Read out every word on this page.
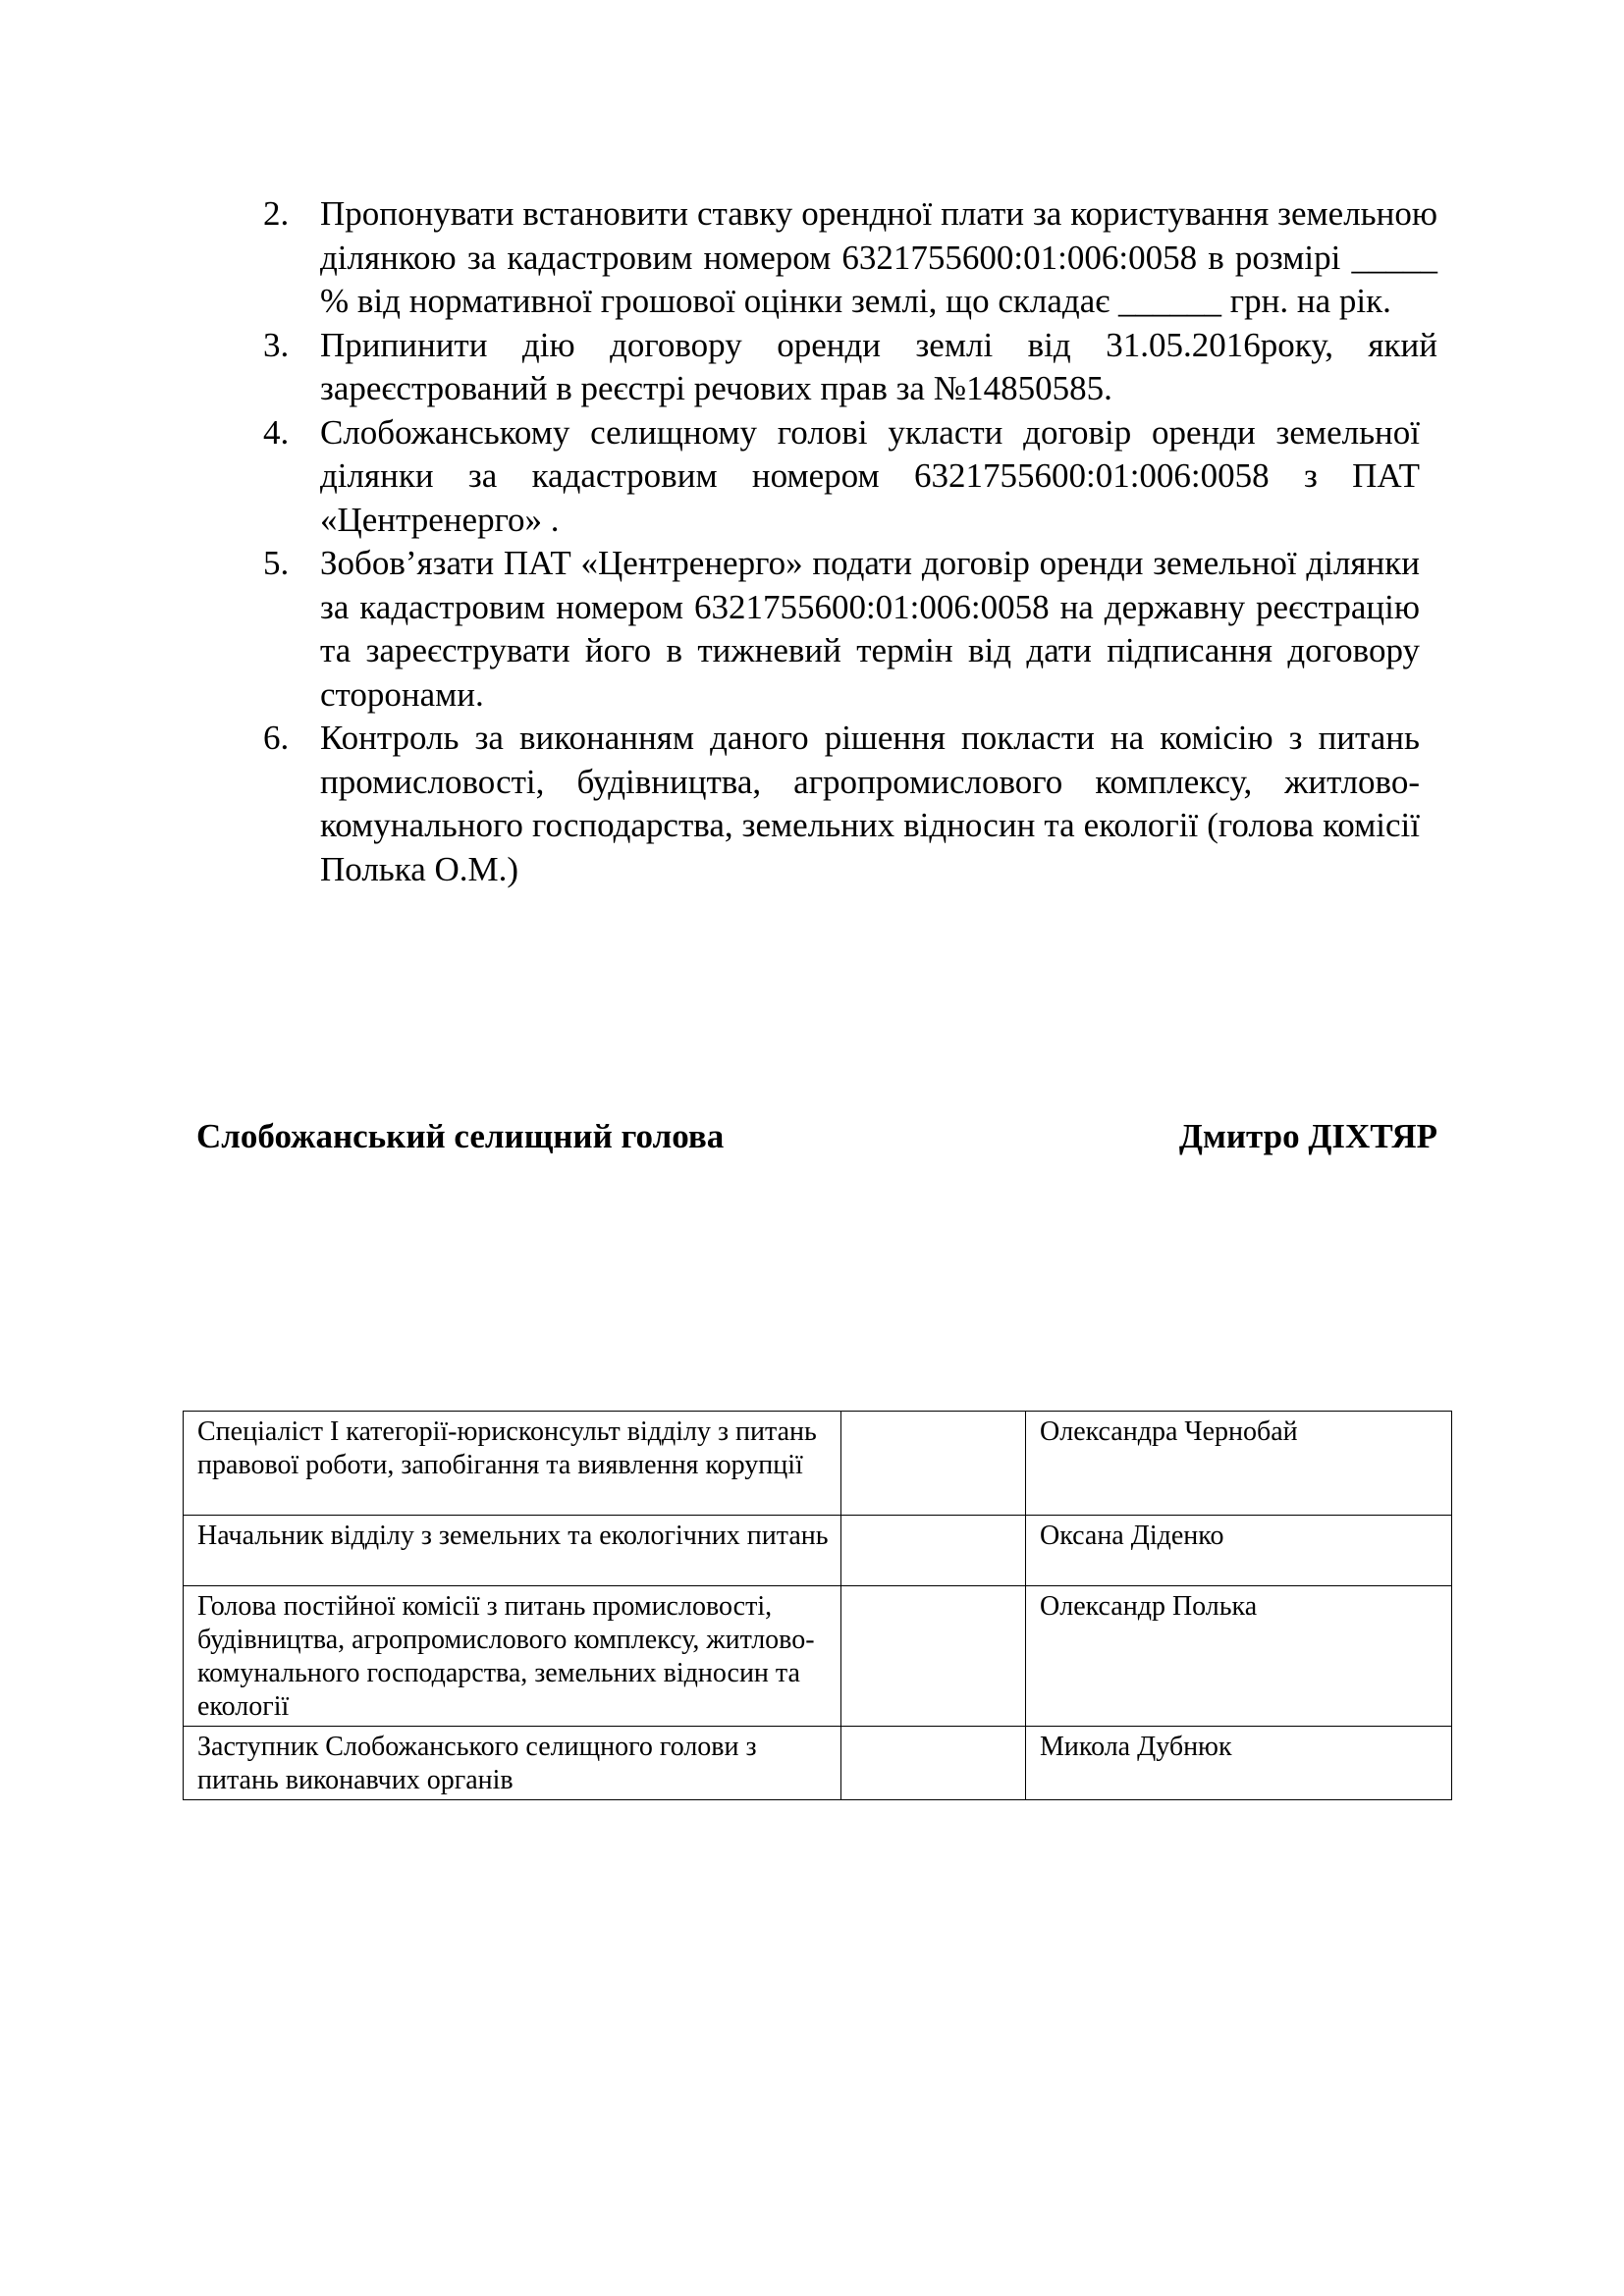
2. Пропонувати встановити ставку орендної плати за користування земельною ділянкою за кадастровим номером 6321755600:01:006:0058 в розмірі _____ % від нормативної грошової оцінки землі, що складає ______ грн. на рік.
3. Припинити дію договору оренди землі від 31.05.2016року, який зареєстрований в реєстрі речових прав за №14850585.
4. Слобожанському селищному голові укласти договір оренди земельної ділянки за кадастровим номером 6321755600:01:006:0058 з ПАТ «Центренерго» .
5. Зобов’язати ПАТ «Центренерго» подати договір оренди земельної ділянки за кадастровим номером 6321755600:01:006:0058 на державну реєстрацію та зареєструвати його в тижневий термін від дати підписання договору сторонами.
6. Контроль за виконанням даного рішення покласти на комісію з питань промисловості, будівництва, агропромислового комплексу, житлово-комунального господарства, земельних відносин та екології (голова комісії Полька О.М.)
Слобожанський селищний голова	Дмитро ДІХТЯР
Спеціаліст І категорії-юрисконсульт відділу з питань правової роботи, запобігання та виявлення корупції		Олександра Чернобай
Начальник відділу з земельних та екологічних питань		Оксана Діденко
Голова постійної комісії з питань промисловості, будівництва, агропромислового комплексу, житлово-комунального господарства, земельних відносин та екології		Олександр Полька
Заступник Слобожанського селищного голови з питань виконавчих органів		Микола Дубнюк
